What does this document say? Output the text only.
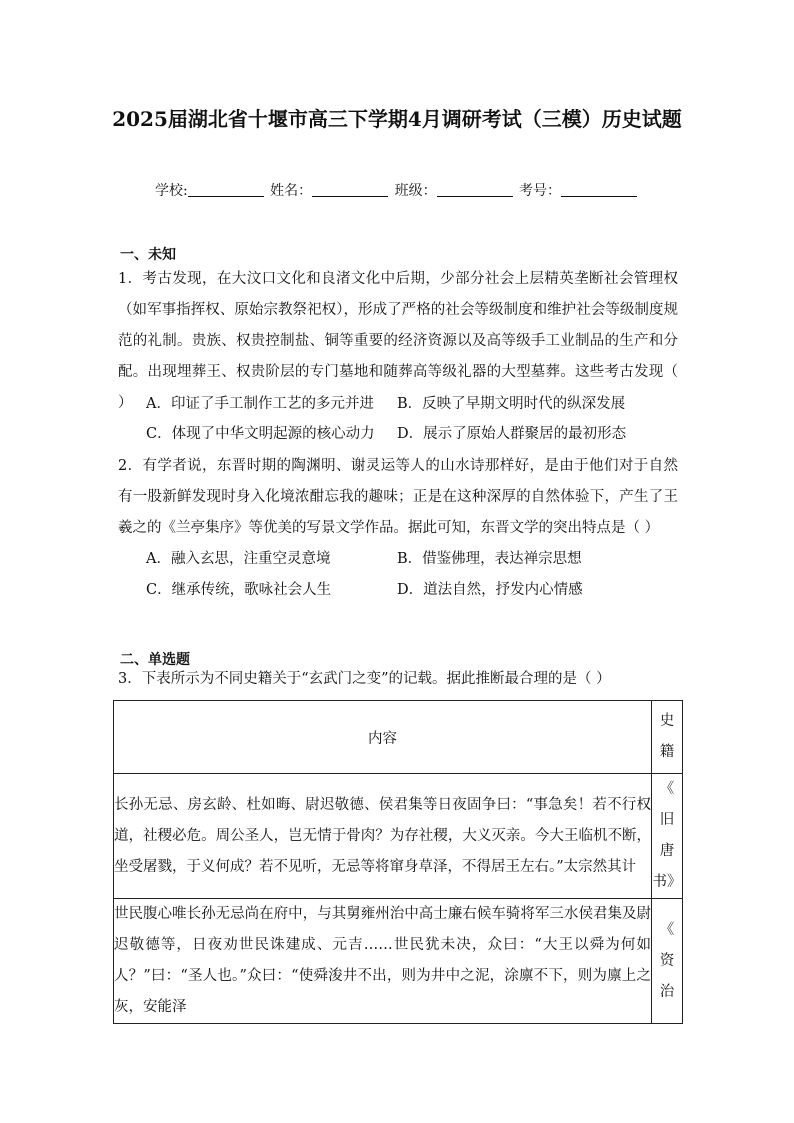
2025届湖北省十堰市高三下学期4月调研考试（三模）历史试题
学校:	姓名：	班级：	考号：
一、未知
1．考古发现，在大汶口文化和良渚文化中后期，少部分社会上层精英垄断社会管理权（如军事指挥权、原始宗教祭祀权），形成了严格的社会等级制度和维护社会等级制度规范的礼制。贵族、权贵控制盐、铜等重要的经济资源以及高等级手工业制品的生产和分配。出现埋葬王、权贵阶层的专门墓地和随葬高等级礼器的大型墓葬。这些考古发现（ ） A．印证了手工制作工艺的多元并进 B．反映了早期文明时代的纵深发展
C．体现了中华文明起源的核心动力 D．展示了原始人群聚居的最初形态
2．有学者说，东晋时期的陶渊明、谢灵运等人的山水诗那样好，是由于他们对于自然有一股新鲜发现时身入化境浓酣忘我的趣味；正是在这种深厚的自然体验下，产生了王羲之的《兰亭集序》等优美的写景文学作品。据此可知，东晋文学的突出特点是（ ）
A．融入玄思，注重空灵意境	B．借鉴佛理，表达禅宗思想
C．继承传统，歌咏社会人生	D．道法自然，抒发内心情感
二、单选题
3．下表所示为不同史籍关于“玄武门之变”的记载。据此推断最合理的是（ ）
内容	史
籍

长孙无忌、房玄龄、杜如晦、尉迟敬德、侯君集等日夜固争曰：“事急矣！若不行权道，社稷必危。周公圣人，岂无情于骨肉？为存社稷，大义灭亲。今大王临机不断，坐受屠戮，于义何成？若不见听，无忌等将窜身草泽，不得居王左右。”太宗然其计	《
旧
唐
书》

世民腹心唯长孙无忌尚在府中，与其舅雍州治中高士廉右候车骑将军三水侯君集及尉迟敬德等，日夜劝世民诛建成、元吉……世民犹未决，众曰：“大王以舜为何如人？”曰：“圣人也。”众曰：“使舜浚井不出，则为井中之泥，涂廪不下，则为廪上之灰，安能泽	《
资
治
